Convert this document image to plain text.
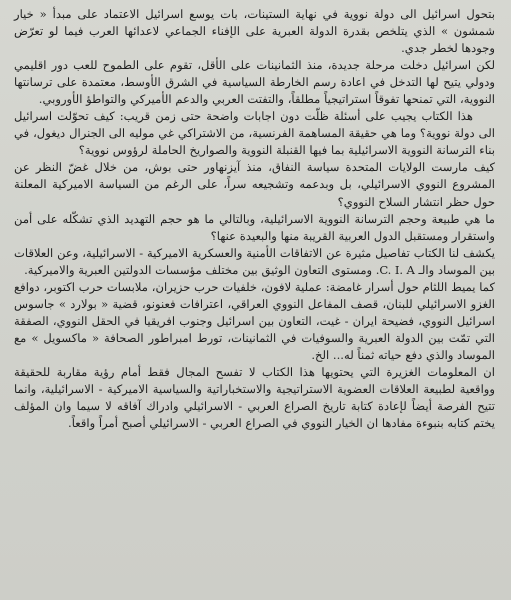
بتحول اسرائيل الى دولة نووية في نهاية الستينات، بات يوسع اسرائيل الاعتماد على مبدأ « خيار شمشون » الذي يتلخص بقدرة الدولة العبرية على الإفناء الجماعي لاعدائها العرب فيما لو تعرّض وجودها لخطر جدي.

لكن اسرائيل دخلت مرحلة جديدة، منذ الثمانينات على الأقل، تقوم على الطموح للعب دور اقليمي ودولي يتيح لها التدخل في اعادة رسم الخارطة السياسية في الشرق الأوسط، معتمدة على ترسانتها النووية، التي تمنحها تفوقاً استراتيجياً مطلقاً، والتفتت العربي والدعم الأميركي والتواطؤ الأوروبي.

هذا الكتاب يجيب على أسئلة ظلّت دون اجابات واضحة حتى زمن قريب: كيف تحوّلت اسرائيل الى دولة نووية؟ وما هي حقيقة المساهمة الفرنسية، من الاشتراكي غي موليه الى الجنرال ديغول، في بناء الترسانة النووية الاسرائيلية بما فيها القنبلة النووية والصواريخ الحاملة لرؤوس نووية؟

كيف مارست الولايات المتحدة سياسة النفاق، منذ آيزنهاور حتى بوش، من خلال غضّ النظر عن المشروع النووي الاسرائيلي، بل وبدعمه وتشجيعه سراً، على الرغم من السياسة الاميركية المعلنة حول حظر انتشار السلاح النووي؟

ما هي طبيعة وحجم الترسانة النووية الاسرائيلية، وبالتالي ما هو حجم التهديد الذي تشكّله على أمن واستقرار ومستقبل الدول العربية القريبة منها والبعيدة عنها؟

يكشف لنا الكتاب تفاصيل مثيرة عن الاتفاقات الأمنية والعسكرية الاميركية - الاسرائيلية، وعن العلاقات بين الموساد والـ C. I. A. ومستوى التعاون الوثيق بين مختلف مؤسسات الدولتين العبرية والاميركية.

كما يميط اللثام حول أسرار غامضة: عملية لافون، خلفيات حرب حزيران، ملابسات حرب اكتوبر، دوافع الغزو الاسرائيلي للبنان، قصف المفاعل النووي العراقي، اعترافات فعنونو، قضية « بولارد » جاسوس اسرائيل النووي، فضيحة ايران - غيت، التعاون بين اسرائيل وجنوب افريقيا في الحقل النووي، الصفقة التي تمّت بين الدولة العبرية والسوفيات في الثمانينات، تورط امبراطور الصحافة « ماكسويل » مع الموساد والذي دفع حياته ثمناً له... الخ.

ان المعلومات الغزيرة التي يحتويها هذا الكتاب لا تفسح المجال فقط أمام رؤية مقاربة للحقيقة وواقعية لطبيعة العلاقات العضوية الاستراتيجية والاستخباراتية والسياسية الاميركية - الاسرائيلية، وانما تتيح الفرصة أيضاً لإعادة كتابة تاريخ الصراع العربي - الاسرائيلي وادراك آفاقه لا سيما وان المؤلف يختم كتابه بنبوءة مفادها ان الخيار النووي في الصراع العربي - الاسرائيلي أصبح أمراً واقعاً.
